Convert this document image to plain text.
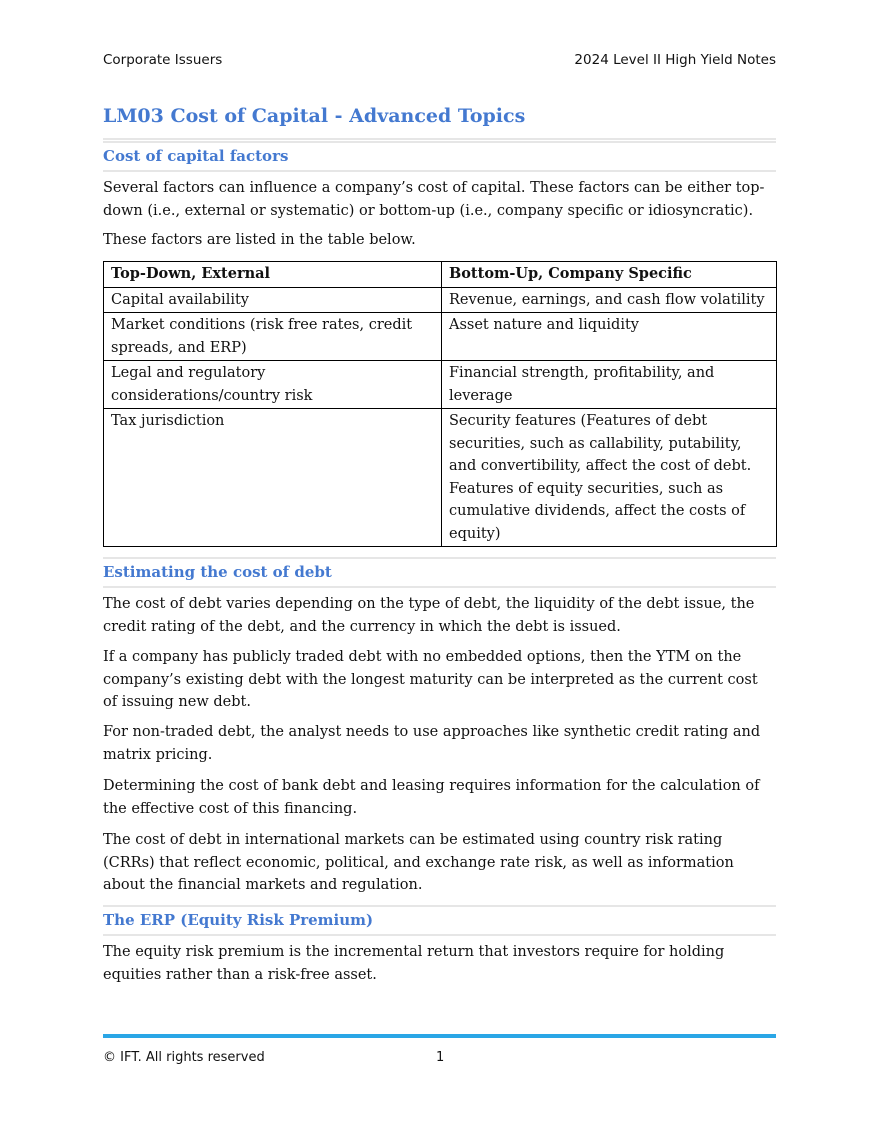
Corporate Issuers	2024 Level II High Yield Notes
LM03 Cost of Capital - Advanced Topics
Cost of capital factors

Several factors can influence a company’s cost of capital. These factors can be either top-down (i.e., external or systematic) or bottom-up (i.e., company specific or idiosyncratic).

These factors are listed in the table below.

Top-Down, External	Bottom-Up, Company Specific
Capital availability	Revenue, earnings, and cash flow volatility
Market conditions (risk free rates, credit spreads, and ERP)	Asset nature and liquidity
Legal and regulatory considerations/country risk	Financial strength, profitability, and leverage
Tax jurisdiction	Security features (Features of debt securities, such as callability, putability, and convertibility, affect the cost of debt. Features of equity securities, such as cumulative dividends, affect the costs of equity)
Estimating the cost of debt

The cost of debt varies depending on the type of debt, the liquidity of the debt issue, the credit rating of the debt, and the currency in which the debt is issued.

If a company has publicly traded debt with no embedded options, then the YTM on the company’s existing debt with the longest maturity can be interpreted as the current cost of issuing new debt.

For non-traded debt, the analyst needs to use approaches like synthetic credit rating and matrix pricing.

Determining the cost of bank debt and leasing requires information for the calculation of the effective cost of this financing.

The cost of debt in international markets can be estimated using country risk rating (CRRs) that reflect economic, political, and exchange rate risk, as well as information about the financial markets and regulation.

The ERP (Equity Risk Premium)

The equity risk premium is the incremental return that investors require for holding equities rather than a risk-free asset.

© IFT. All rights reserved	1
